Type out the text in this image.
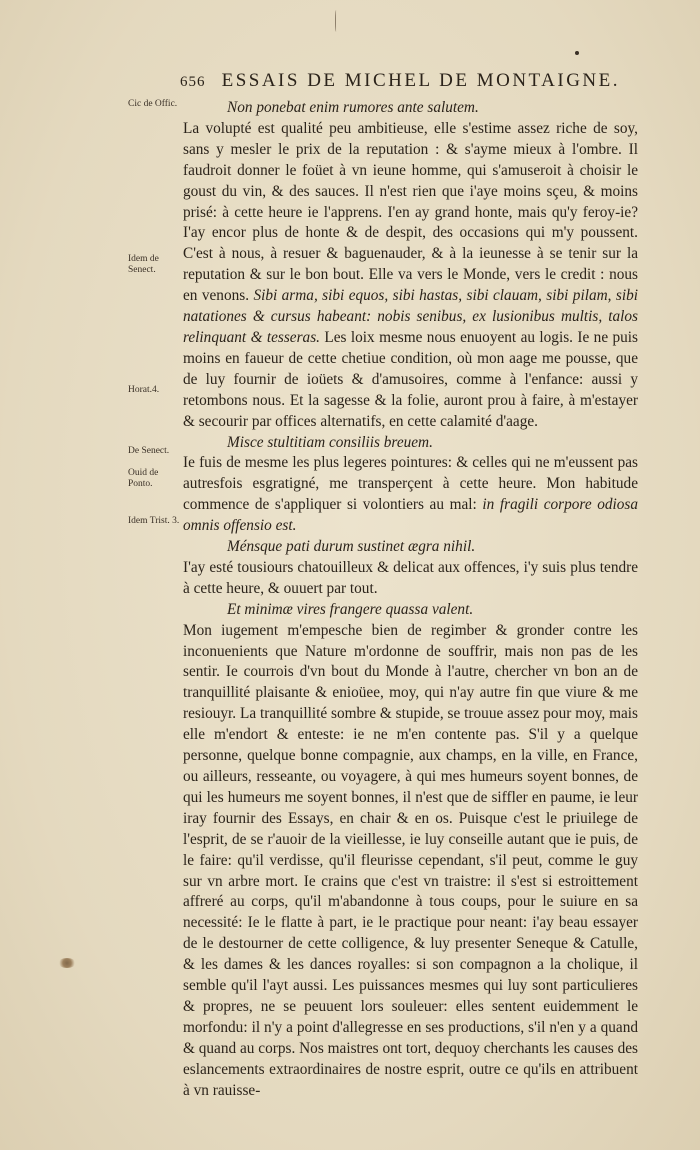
656 ESSAIS DE MICHEL DE MONTAIGNE.
Cic de Offic.
Idem de Senect.
Horat.4.
De Senect.
Ouid de Ponto.
Idem Trist. 3.

Non ponebat enim rumores ante salutem.

La volupté est qualité peu ambitieuse, elle s'estime assez riche de soy, sans y mesler le prix de la reputation : & s'ayme mieux à l'ombre. Il faudroit donner le foüet à vn ieune homme, qui s'amuseroit à choisir le goust du vin, & des sauces. Il n'est rien que i'aye moins sçeu, & moins prisé: à cette heure ie l'apprens. I'en ay grand honte, mais qu'y feroy-ie? I'ay encor plus de honte & de despit, des occasions qui m'y poussent. C'est à nous, à resuer & baguenauder, & à la ieunesse à se tenir sur la reputation & sur le bon bout. Elle va vers le Monde, vers le credit : nous en venons. Sibi arma, sibi equos, sibi hastas, sibi clauam, sibi pilam, sibi natationes & cursus habeant: nobis senibus, ex lusionibus multis, talos relinquant & tesseras. Les loix mesme nous enuoyent au logis. Ie ne puis moins en faueur de cette chetiue condition, où mon aage me pousse, que de luy fournir de ioüets & d'amusoires, comme à l'enfance: aussi y retombons nous. Et la sagesse & la folie, auront prou à faire, à m'estayer & secourir par offices alternatifs, en cette calamité d'aage.

Misce stultitiam consiliis breuem.

Ie fuis de mesme les plus legeres pointures: & celles qui ne m'eussent pas autresfois esgratigné, me transperçent à cette heure. Mon habitude commence de s'appliquer si volontiers au mal: in fragili corpore odiosa omnis offensio est.

Ménsque pati durum sustinet ægra nihil.

I'ay esté tousiours chatouilleux & delicat aux offences, i'y suis plus tendre à cette heure, & ouuert par tout.

Et minimæ vires frangere quassa valent.

Mon iugement m'empesche bien de regimber & gronder contre les inconuenients que Nature m'ordonne de souffrir, mais non pas de les sentir. Ie courrois d'vn bout du Monde à l'autre, chercher vn bon an de tranquillité plaisante & enioüee, moy, qui n'ay autre fin que viure & me resiouyr. La tranquillité sombre & stupide, se trouue assez pour moy, mais elle m'endort & enteste: ie ne m'en contente pas. S'il y a quelque personne, quelque bonne compagnie, aux champs, en la ville, en France, ou ailleurs, resseante, ou voyagere, à qui mes humeurs soyent bonnes, de qui les humeurs me soyent bonnes, il n'est que de siffler en paume, ie leur iray fournir des Essays, en chair & en os. Puisque c'est le priuilege de l'esprit, de se r'auoir de la vieillesse, ie luy conseille autant que ie puis, de le faire: qu'il verdisse, qu'il fleurisse cependant, s'il peut, comme le guy sur vn arbre mort. Ie crains que c'est vn traistre: il s'est si estroittement affreré au corps, qu'il m'abandonne à tous coups, pour le suiure en sa necessité: Ie le flatte à part, ie le practique pour neant: i'ay beau essayer de le destourner de cette colligence, & luy presenter Seneque & Catulle, & les dames & les dances royalles: si son compagnon a la cholique, il semble qu'il l'ayt aussi. Les puissances mesmes qui luy sont particulieres & propres, ne se peuuent lors souleuer: elles sentent euidemment le morfondu: il n'y a point d'allegresse en ses productions, s'il n'en y a quand & quand au corps. Nos maistres ont tort, dequoy cherchants les causes des eslancements extraordinaires de nostre esprit, outre ce qu'ils en attribuent à vn rauisse-
